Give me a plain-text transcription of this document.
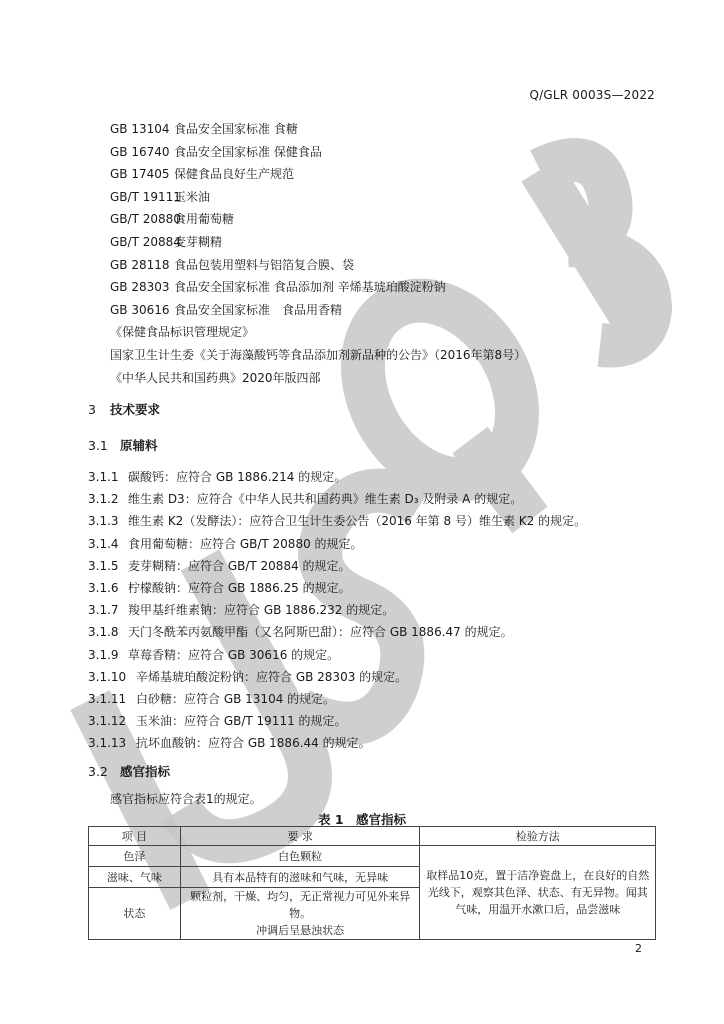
Q/GLR 0003S—2022
GB 13104 食品安全国家标准 食糖
GB 16740 食品安全国家标准 保健食品
GB 17405 保健食品良好生产规范
GB/T 19111玉米油
GB/T 20880食用葡萄糖
GB/T 20884麦芽糊精
GB 28118 食品包装用塑料与铝箔复合膜、袋
GB 28303 食品安全国家标准 食品添加剂 辛烯基琥珀酸淀粉钠
GB 30616 食品安全国家标准　食品用香精
《保健食品标识管理规定》
国家卫生计生委《关于海藻酸钙等食品添加剂新品种的公告》（2016年第8号）
《中华人民共和国药典》2020年版四部
3 技术要求
3.1 原辅料
3.1.1 碳酸钙：应符合 GB 1886.214 的规定。
3.1.2 维生素 D3：应符合《中华人民共和国药典》维生素 D₃ 及附录 A 的规定。
3.1.3 维生素 K2（发酵法）：应符合卫生计生委公告（2016 年第 8 号）维生素 K2 的规定。
3.1.4 食用葡萄糖：应符合 GB/T 20880 的规定。
3.1.5 麦芽糊精：应符合 GB/T 20884 的规定。
3.1.6 柠檬酸钠：应符合 GB 1886.25 的规定。
3.1.7 羧甲基纤维素钠：应符合 GB 1886.232 的规定。
3.1.8 天门冬酰苯丙氨酸甲酯（又名阿斯巴甜）：应符合 GB 1886.47 的规定。
3.1.9 草莓香精：应符合 GB 30616 的规定。
3.1.10 辛烯基琥珀酸淀粉钠：应符合 GB 28303 的规定。
3.1.11 白砂糖：应符合 GB 13104 的规定。
3.1.12 玉米油：应符合 GB/T 19111 的规定。
3.1.13 抗坏血酸钠：应符合 GB 1886.44 的规定。
3.2 感官指标
感官指标应符合表1的规定。
表 1　感官指标
项 目	要 求	检验方法
色泽	白色颗粒	取样品10克，置于洁净瓷盘上，在良好的自然
光线下，观察其色泽、状态、有无异物。闻其
气味，用温开水漱口后，品尝滋味

滋味、气味	具有本品特有的滋味和气味，无异味	
状态	颗粒剂，干燥、均匀，无正常视力可见外来异物。
冲调后呈悬浊状态	
2
